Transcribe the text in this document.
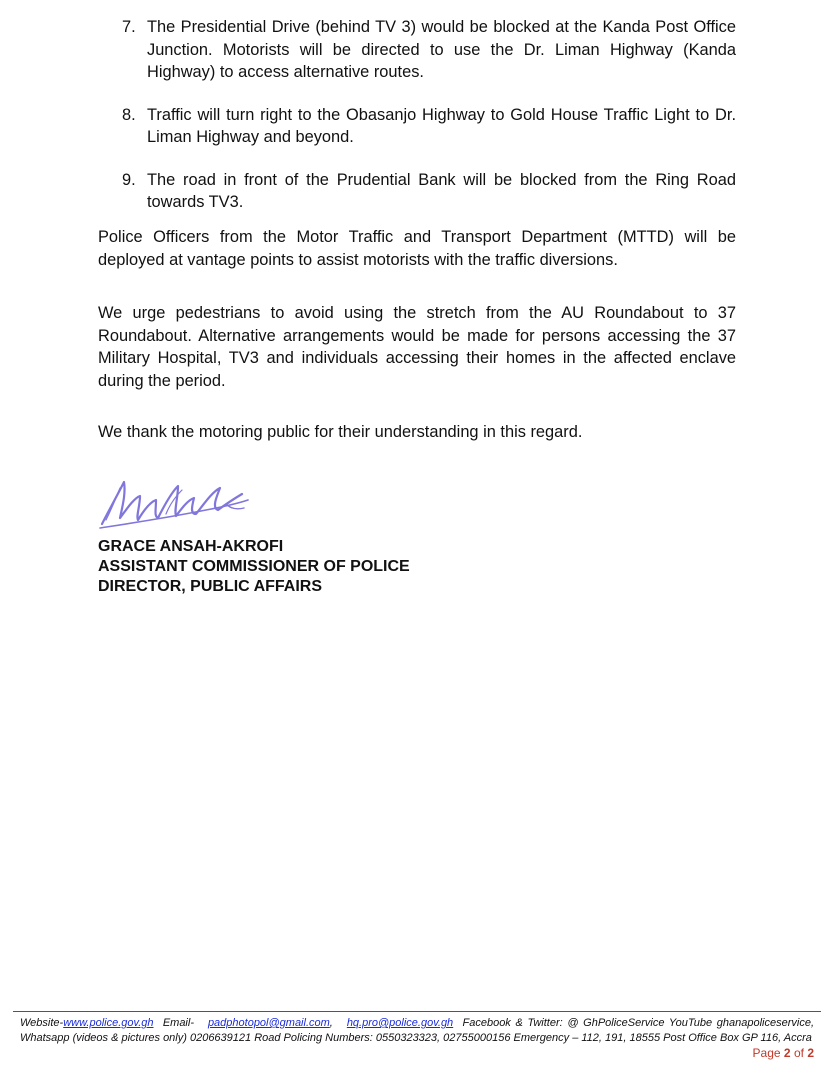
7. The Presidential Drive (behind TV 3) would be blocked at the Kanda Post Office Junction. Motorists will be directed to use the Dr. Liman Highway (Kanda Highway) to access alternative routes.
8. Traffic will turn right to the Obasanjo Highway to Gold House Traffic Light to Dr. Liman Highway and beyond.
9. The road in front of the Prudential Bank will be blocked from the Ring Road towards TV3.

Police Officers from the Motor Traffic and Transport Department (MTTD) will be deployed at vantage points to assist motorists with the traffic diversions.

We urge pedestrians to avoid using the stretch from the AU Roundabout to 37 Roundabout. Alternative arrangements would be made for persons accessing the 37 Military Hospital, TV3 and individuals accessing their homes in the affected enclave during the period.

We thank the motoring public for their understanding in this regard.

GRACE ANSAH-AKROFI
ASSISTANT COMMISSIONER OF POLICE
DIRECTOR, PUBLIC AFFAIRS
Website-www.police.gov.gh Email- padphotopol@gmail.com, hq.pro@police.gov.gh Facebook & Twitter: @ GhPoliceService YouTube ghanapoliceservice, Whatsapp (videos & pictures only) 0206639121 Road Policing Numbers: 0550323323, 02755000156 Emergency – 112, 191, 18555 Post Office Box GP 116, Accra
Page 2 of 2
